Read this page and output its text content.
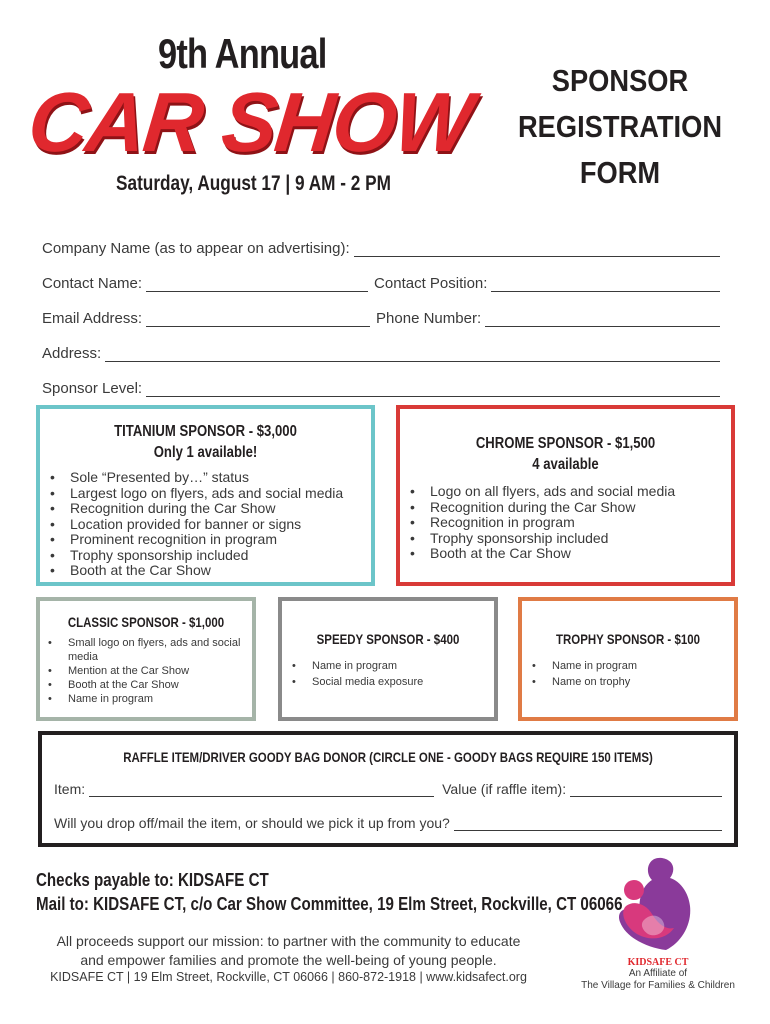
9th Annual
CAR SHOW
Saturday, August 17 | 9 AM - 2 PM
SPONSOR
REGISTRATION
FORM
Company Name (as to appear on advertising):
Contact Name:	Contact Position:
Email Address:	Phone Number:
Address:
Sponsor Level:
TITANIUM SPONSOR - $3,000
Only 1 available!
• Sole “Presented by…” status
• Largest logo on flyers, ads and social media
• Recognition during the Car Show
• Location provided for banner or signs
• Prominent recognition in program
• Trophy sponsorship included
• Booth at the Car Show
CHROME SPONSOR - $1,500
4 available
• Logo on all flyers, ads and social media
• Recognition during the Car Show
• Recognition in program
• Trophy sponsorship included
• Booth at the Car Show
CLASSIC SPONSOR - $1,000
• Small logo on flyers, ads and social media
• Mention at the Car Show
• Booth at the Car Show
• Name in program
SPEEDY SPONSOR - $400
• Name in program
• Social media exposure
TROPHY SPONSOR - $100
• Name in program
• Name on trophy
RAFFLE ITEM/DRIVER GOODY BAG DONOR (CIRCLE ONE - GOODY BAGS REQUIRE 150 ITEMS)
Item:	Value (if raffle item):
Will you drop off/mail the item, or should we pick it up from you?
Checks payable to: KIDSAFE CT
Mail to: KIDSAFE CT, c/o Car Show Committee, 19 Elm Street, Rockville, CT 06066
All proceeds support our mission: to partner with the community to educate
and empower families and promote the well-being of young people.
KIDSAFE CT | 19 Elm Street, Rockville, CT 06066 | 860-872-1918 | www.kidsafect.org
KIDSAFE CT
An Affiliate of
The Village for Families & Children
